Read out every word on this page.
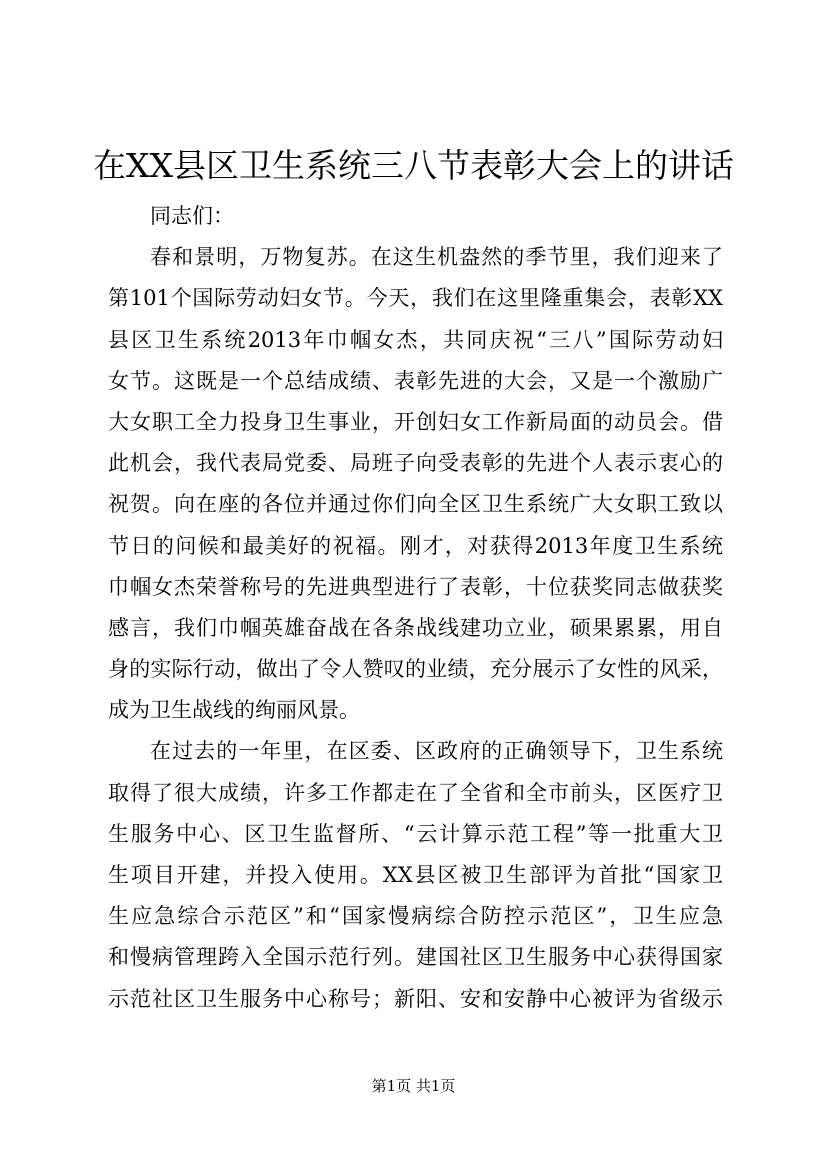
在XX县区卫生系统三八节表彰大会上的讲话
同志们：
春和景明，万物复苏。在这生机盎然的季节里，我们迎来了
第101个国际劳动妇女节。今天，我们在这里隆重集会，表彰XX
县区卫生系统2013年巾帼女杰，共同庆祝“三八”国际劳动妇
女节。这既是一个总结成绩、表彰先进的大会，又是一个激励广
大女职工全力投身卫生事业，开创妇女工作新局面的动员会。借
此机会，我代表局党委、局班子向受表彰的先进个人表示衷心的
祝贺。向在座的各位并通过你们向全区卫生系统广大女职工致以
节日的问候和最美好的祝福。刚才，对获得2013年度卫生系统
巾帼女杰荣誉称号的先进典型进行了表彰，十位获奖同志做获奖
感言，我们巾帼英雄奋战在各条战线建功立业，硕果累累，用自
身的实际行动，做出了令人赞叹的业绩，充分展示了女性的风采，
成为卫生战线的绚丽风景。
在过去的一年里，在区委、区政府的正确领导下，卫生系统
取得了很大成绩，许多工作都走在了全省和全市前头，区医疗卫
生服务中心、区卫生监督所、“云计算示范工程”等一批重大卫
生项目开建，并投入使用。XX县区被卫生部评为首批“国家卫
生应急综合示范区”和“国家慢病综合防控示范区”，卫生应急
和慢病管理跨入全国示范行列。建国社区卫生服务中心获得国家
示范社区卫生服务中心称号；新阳、安和安静中心被评为省级示
第1页 共1页
